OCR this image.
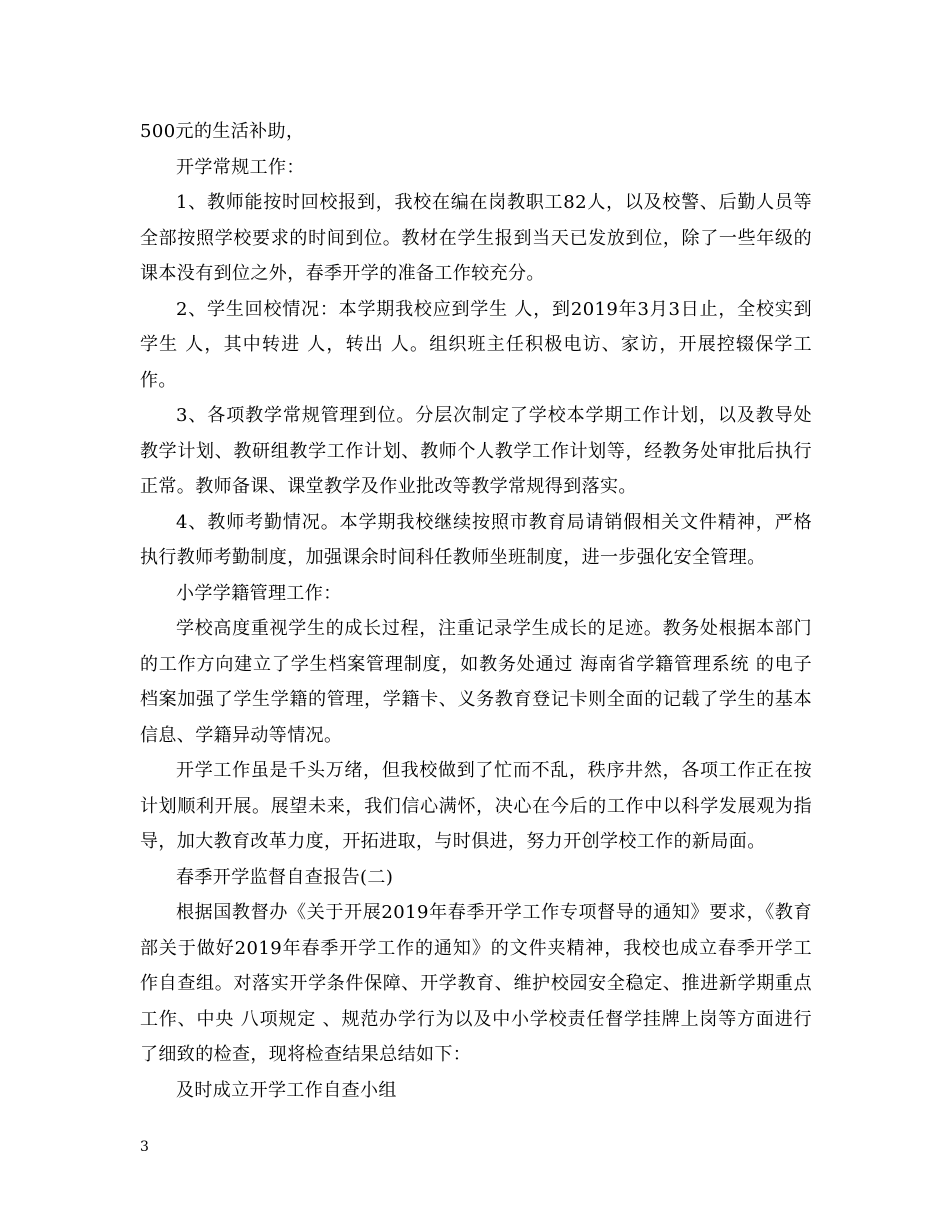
500元的生活补助，

开学常规工作：

1、教师能按时回校报到，我校在编在岗教职工82人，以及校警、后勤人员等全部按照学校要求的时间到位。教材在学生报到当天已发放到位，除了一些年级的课本没有到位之外，春季开学的准备工作较充分。

2、学生回校情况：本学期我校应到学生 人，到2019年3月3日止，全校实到学生 人，其中转进 人，转出 人。组织班主任积极电访、家访，开展控辍保学工作。

3、各项教学常规管理到位。分层次制定了学校本学期工作计划，以及教导处教学计划、教研组教学工作计划、教师个人教学工作计划等，经教务处审批后执行正常。教师备课、课堂教学及作业批改等教学常规得到落实。

4、教师考勤情况。本学期我校继续按照市教育局请销假相关文件精神，严格执行教师考勤制度，加强课余时间科任教师坐班制度，进一步强化安全管理。

小学学籍管理工作：

学校高度重视学生的成长过程，注重记录学生成长的足迹。教务处根据本部门的工作方向建立了学生档案管理制度，如教务处通过 海南省学籍管理系统 的电子档案加强了学生学籍的管理，学籍卡、义务教育登记卡则全面的记载了学生的基本信息、学籍异动等情况。

开学工作虽是千头万绪，但我校做到了忙而不乱，秩序井然，各项工作正在按计划顺利开展。展望未来，我们信心满怀，决心在今后的工作中以科学发展观为指导，加大教育改革力度，开拓进取，与时俱进，努力开创学校工作的新局面。

春季开学监督自查报告(二)

根据国教督办《关于开展2019年春季开学工作专项督导的通知》要求，《教育部关于做好2019年春季开学工作的通知》的文件夹精神，我校也成立春季开学工作自查组。对落实开学条件保障、开学教育、维护校园安全稳定、推进新学期重点工作、中央 八项规定 、规范办学行为以及中小学校责任督学挂牌上岗等方面进行了细致的检查，现将检查结果总结如下：

及时成立开学工作自查小组

3
